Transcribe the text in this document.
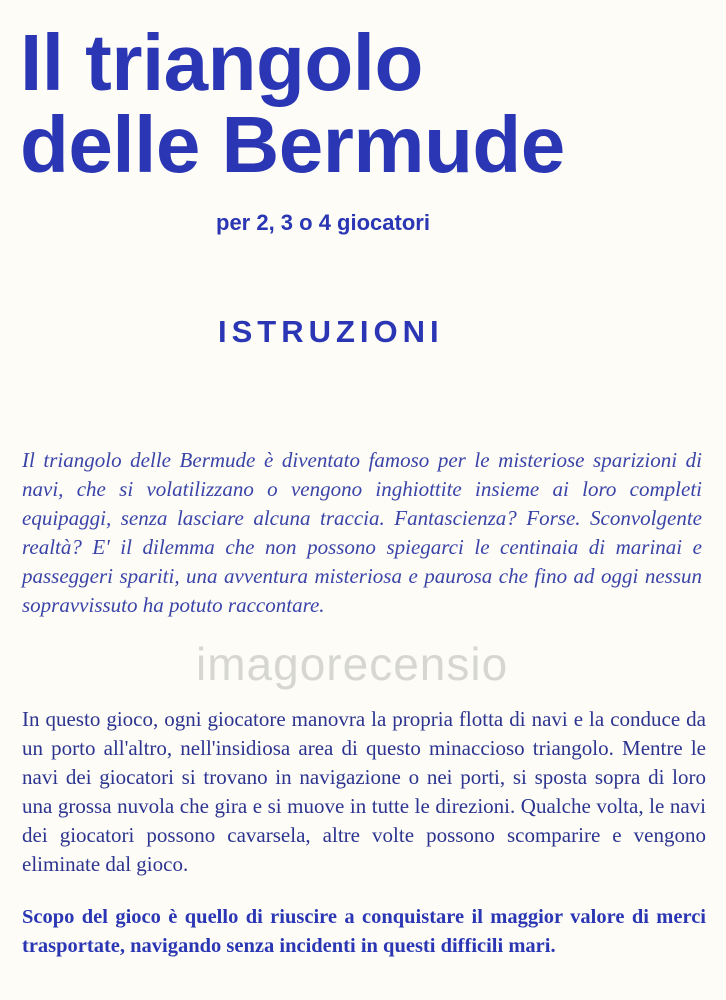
Il triangolo
delle Bermude
per 2, 3 o 4 giocatori
ISTRUZIONI

Il triangolo delle Bermude è diventato famoso per le misteriose sparizioni di navi, che si volatilizzano o vengono inghiottite insieme ai loro completi equipaggi, senza lasciare alcuna traccia. Fantascienza? Forse. Sconvolgente realtà? E' il dilemma che non possono spiegarci le centinaia di marinai e passeggeri spariti, una avventura misteriosa e paurosa che fino ad oggi nessun sopravvissuto ha potuto raccontare.

In questo gioco, ogni giocatore manovra la propria flotta di navi e la conduce da un porto all'altro, nell'insidiosa area di questo minaccioso triangolo. Mentre le navi dei giocatori si trovano in navigazione o nei porti, si sposta sopra di loro una grossa nuvola che gira e si muove in tutte le direzioni. Qualche volta, le navi dei giocatori possono cavarsela, altre volte possono scomparire e vengono eliminate dal gioco.

Scopo del gioco è quello di riuscire a conquistare il maggior valore di merci trasportate, navigando senza incidenti in questi difficili mari.

imagorecensio
